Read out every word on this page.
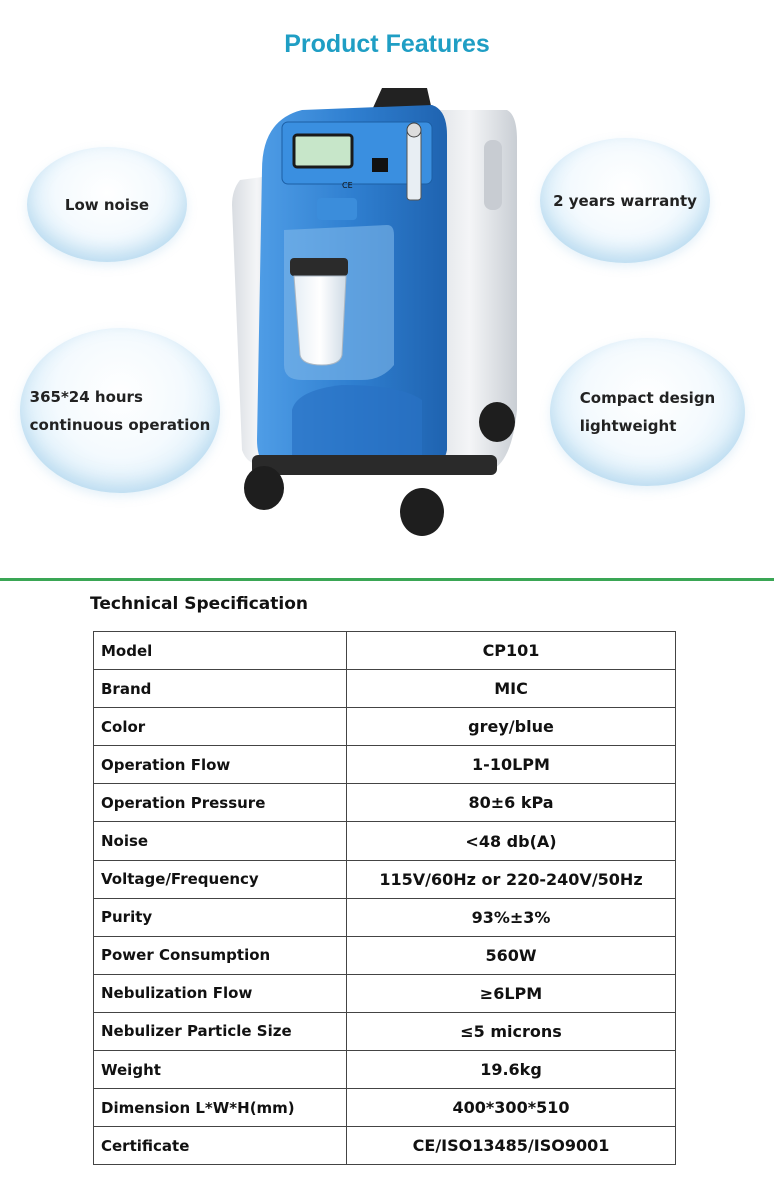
Product Features
Low noise	2 years warranty
365*24 hours
continuous operation
Compact design
lightweight
CE
Technical Specification
Model	CP101
Brand	MIC
Color	grey/blue
Operation Flow	1-10LPM
Operation Pressure	80±6 kPa
Noise	<48 db(A)
Voltage/Frequency	115V/60Hz or 220-240V/50Hz
Purity	93%±3%
Power Consumption	560W
Nebulization Flow	≥6LPM
Nebulizer Particle Size	≤5 microns
Weight	19.6kg
Dimension L*W*H(mm)	400*300*510
Certificate	CE/ISO13485/ISO9001
